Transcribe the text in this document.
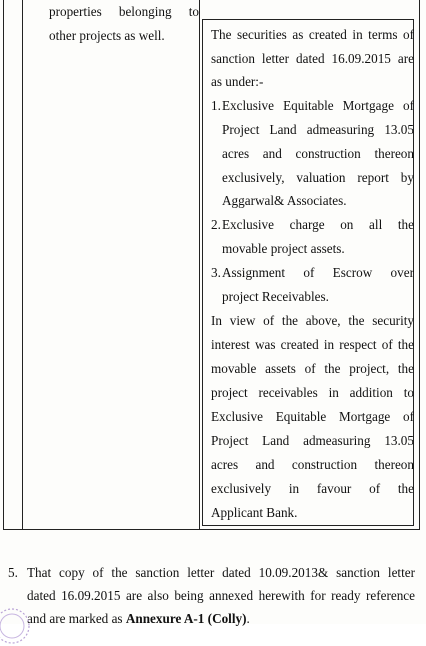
properties belonging to
other projects as well.	The securities as created in terms of
sanction letter dated 16.09.2015 are
as under:-
1. Exclusive Equitable Mortgage of
Project Land admeasuring 13.05
acres and construction thereon
exclusively, valuation report by
Aggarwal& Associates.
2. Exclusive charge on all the
movable project assets.
3. Assignment of Escrow over
project Receivables.
In view of the above, the security
interest was created in respect of the
movable assets of the project, the
project receivables in addition to
Exclusive Equitable Mortgage of
Project Land admeasuring 13.05
acres and construction thereon
exclusively in favour of the
Applicant Bank.
5. That copy of the sanction letter dated 10.09.2013& sanction letter
dated 16.09.2015 are also being annexed herewith for ready reference
and are marked as Annexure A-1 (Colly).
